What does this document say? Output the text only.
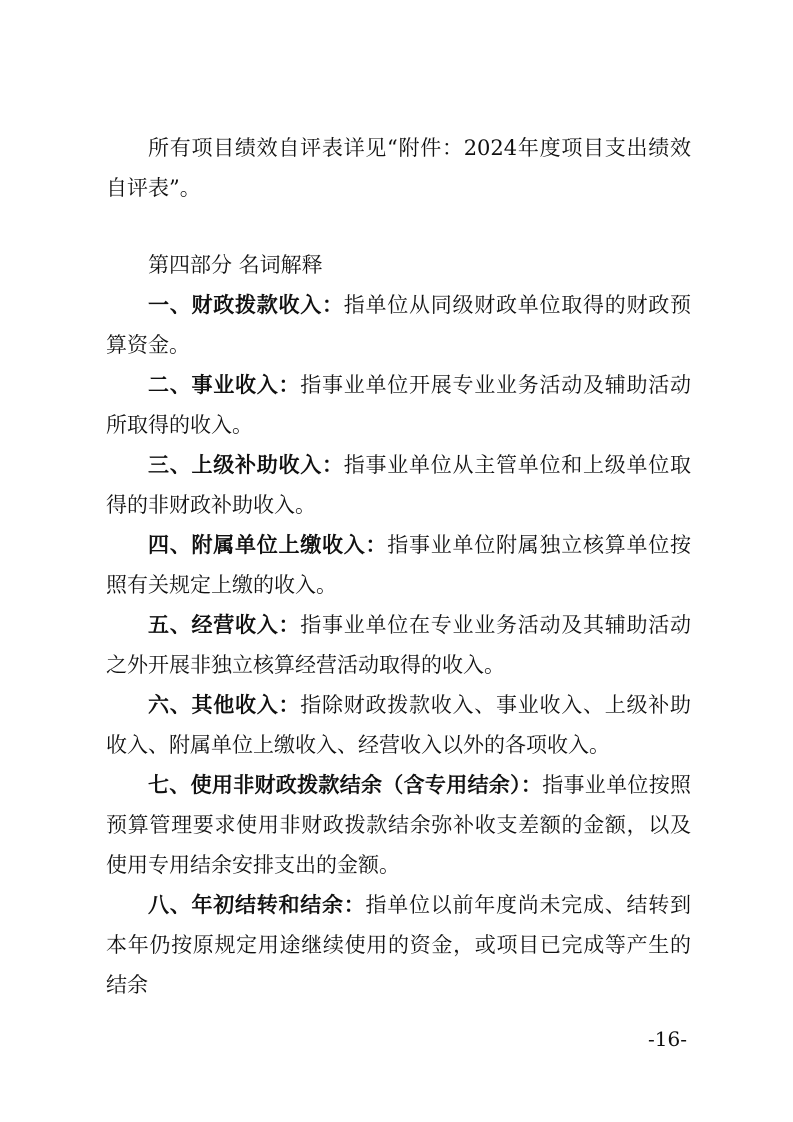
所有项目绩效自评表详见“附件：2024年度项目支出绩效自评表”。

第四部分 名词解释

一、财政拨款收入：指单位从同级财政单位取得的财政预算资金。

二、事业收入：指事业单位开展专业业务活动及辅助活动所取得的收入。

三、上级补助收入：指事业单位从主管单位和上级单位取得的非财政补助收入。

四、附属单位上缴收入：指事业单位附属独立核算单位按照有关规定上缴的收入。

五、经营收入：指事业单位在专业业务活动及其辅助活动之外开展非独立核算经营活动取得的收入。

六、其他收入：指除财政拨款收入、事业收入、上级补助收入、附属单位上缴收入、经营收入以外的各项收入。

七、使用非财政拨款结余（含专用结余）：指事业单位按照预算管理要求使用非财政拨款结余弥补收支差额的金额，以及使用专用结余安排支出的金额。

八、年初结转和结余：指单位以前年度尚未完成、结转到本年仍按原规定用途继续使用的资金，或项目已完成等产生的结余

-16-
